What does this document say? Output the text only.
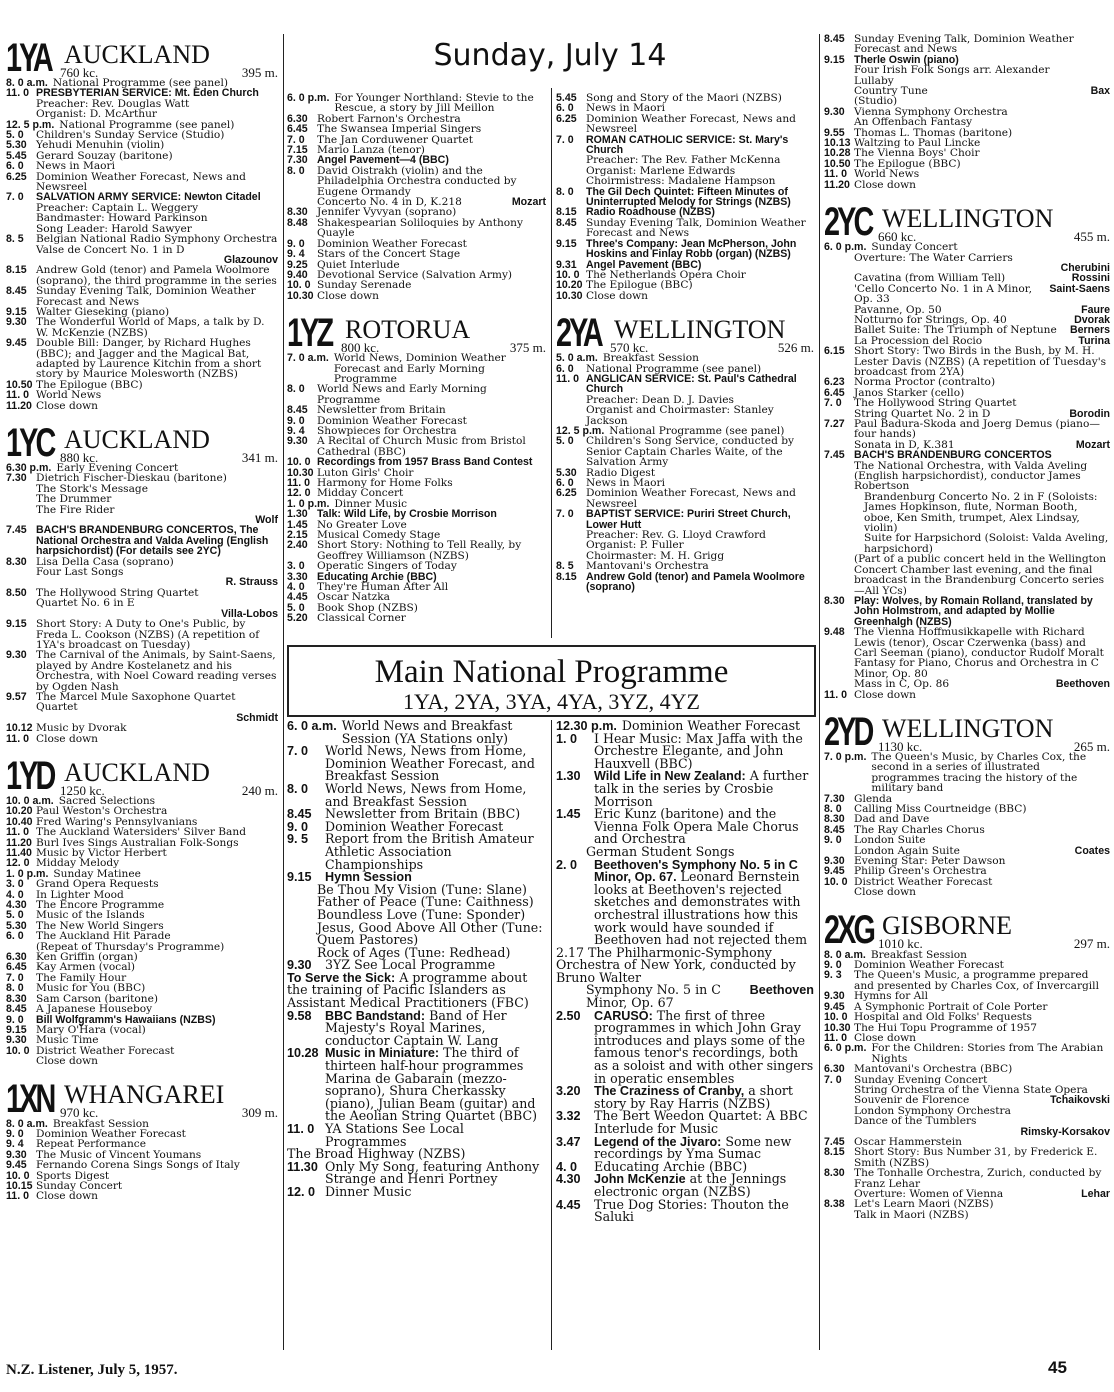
1YA AUCKLAND
760 kc.	395 m.
8. 0 a.m. National Programme (see panel)
11. 0 PRESBYTERIAN SERVICE: Mt. Eden Church
Preacher: Rev. Douglas Watt
Organist: D. McArthur
12. 5 p.m. National Programme (see panel)
5. 0	Children's Sunday Service (Studio)
5.30 Yehudi Menuhin (violin)
5.45 Gerard Souzay (baritone)
6. 0	News in Maori
6.25 Dominion Weather Forecast, News and Newsreel
7. 0	SALVATION ARMY SERVICE: Newton Citadel
Preacher: Captain L. Weggery
Bandmaster: Howard Parkinson
Song Leader: Harold Sawyer
8. 5	Belgian National Radio Symphony Orchestra
Valse de Concert No. 1 in D
Glazounov
8.15 Andrew Gold (tenor) and Pamela Woolmore (soprano), the third programme in the series
8.45 Sunday Evening Talk, Dominion Weather Forecast and News
9.15 Walter Gieseking (piano)
9.30 The Wonderful World of Maps, a talk by D. W. McKenzie (NZBS)
9.45 Double Bill: Danger, by Richard Hughes (BBC); and Jagger and the Magical Bat, adapted by Laurence Kitchin from a short story by Maurice Molesworth (NZBS)
10.50 The Epilogue (BBC)
11. 0 World News
11.20 Close down
1YC AUCKLAND
880 kc.	341 m.
6.30 p.m. Early Evening Concert
7.30 Dietrich Fischer-Dieskau (baritone)
The Stork's Message
The Drummer
The Fire Rider
Wolf
7.45 BACH'S BRANDENBURG CONCERTOS, The National Orchestra and Valda Aveling (English harpsichordist) (For details see 2YC)
8.30 Lisa Della Casa (soprano)
Four Last Songs
R. Strauss
8.50 The Hollywood String Quartet
Quartet No. 6 in E
Villa-Lobos
9.15 Short Story: A Duty to One's Public, by Freda L. Cookson (NZBS) (A repetition of 1YA's broadcast on Tuesday)
9.30 The Carnival of the Animals, by Saint-Saens, played by Andre Kostelanetz and his Orchestra, with Noel Coward reading verses by Ogden Nash
9.57 The Marcel Mule Saxophone Quartet
Quartet
Schmidt
10.12 Music by Dvorak
11. 0 Close down
1YD AUCKLAND
1250 kc.	240 m.
10. 0 a.m. Sacred Selections
10.20 Paul Weston's Orchestra
10.40 Fred Waring's Pennsylvanians
11. 0 The Auckland Watersiders' Silver Band
11.20 Burl Ives Sings Australian Folk-Songs
11.40 Music by Victor Herbert
12. 0 Midday Melody
1. 0 p.m. Sunday Matinee
3. 0	Grand Opera Requests
4. 0	In Lighter Mood
4.30 The Encore Programme
5. 0	Music of the Islands
5.30 The New World Singers
6. 0	The Auckland Hit Parade
(Repeat of Thursday's Programme)
6.30 Ken Griffin (organ)
6.45 Kay Armen (vocal)
7. 0	The Family Hour
8. 0	Music for You (BBC)
8.30 Sam Carson (baritone)
8.45 A Japanese Houseboy
9. 0	Bill Wolfgramm's Hawaiians (NZBS)
9.15 Mary O'Hara (vocal)
9.30 Music Time
10. 0 District Weather Forecast
Close down
1XN WHANGAREI
970 kc.	309 m.
8. 0 a.m. Breakfast Session
9. 0	Dominion Weather Forecast
9. 4	Repeat Performance
9.30 The Music of Vincent Youmans
9.45 Fernando Corena Sings Songs of Italy
10. 0 Sports Digest
10.15 Sunday Concert
11. 0 Close down
Sunday, July 14
6. 0 p.m. For Younger Northland: Stevie to the Rescue, a story by Jill Meillon
6.30 Robert Farnon's Orchestra
6.45 The Swansea Imperial Singers
7. 0	The Jan Corduwener Quartet
7.15 Mario Lanza (tenor)
7.30 Angel Pavement—4 (BBC)
8. 0	David Oistrakh (violin) and the Philadelphia Orchestra conducted by Eugene Ormandy
Concerto No. 4 in D, K.218	Mozart
8.30 Jennifer Vyvyan (soprano)
8.48 Shakespearian Soliloquies by Anthony Quayle
9. 0	Dominion Weather Forecast
9. 4	Stars of the Concert Stage
9.25 Quiet Interlude
9.40 Devotional Service (Salvation Army)
10. 0 Sunday Serenade
10.30 Close down
1YZ ROTORUA
800 kc.	375 m.
7. 0 a.m. World News, Dominion Weather Forecast and Early Morning Programme
8. 0	World News and Early Morning Programme
8.45 Newsletter from Britain
9. 0	Dominion Weather Forecast
9. 4	Showpieces for Orchestra
9.30 A Recital of Church Music from Bristol Cathedral (BBC)
10. 0 Recordings from 1957 Brass Band Contest
10.30 Luton Girls' Choir
11. 0 Harmony for Home Folks
12. 0 Midday Concert
1. 0 p.m. Dinner Music
1.30 Talk: Wild Life, by Crosbie Morrison
1.45 No Greater Love
2.15 Musical Comedy Stage
2.40 Short Story: Nothing to Tell Really, by Geoffrey Williamson (NZBS)
3. 0	Operatic Singers of Today
3.30 Educating Archie (BBC)
4. 0	They're Human After All
4.45 Oscar Natzka
5. 0	Book Shop (NZBS)
5.20 Classical Corner
5.45 Song and Story of the Maori (NZBS)
6. 0	News in Maori
6.25 Dominion Weather Forecast, News and Newsreel
7. 0	ROMAN CATHOLIC SERVICE: St. Mary's Church
Preacher: The Rev. Father McKenna
Organist: Marlene Edwards
Choirmistress: Madalene Hampson
8. 0	The Gil Dech Quintet: Fifteen Minutes of Uninterrupted Melody for Strings (NZBS)
8.15 Radio Roadhouse (NZBS)
8.45 Sunday Evening Talk, Dominion Weather Forecast and News
9.15 Three's Company: Jean McPherson, John Hoskins and Finlay Robb (organ) (NZBS)
9.31 Angel Pavement (BBC)
10. 0 The Netherlands Opera Choir
10.20 The Epilogue (BBC)
10.30 Close down
2YA WELLINGTON
570 kc.	526 m.
5. 0 a.m. Breakfast Session
6. 0	National Programme (see panel)
11. 0 ANGLICAN SERVICE: St. Paul's Cathedral Church
Preacher: Dean D. J. Davies
Organist and Choirmaster: Stanley Jackson
12. 5 p.m. National Programme (see panel)
5. 0	Children's Song Service, conducted by Senior Captain Charles Waite, of the Salvation Army
5.30 Radio Digest
6. 0	News in Maori
6.25 Dominion Weather Forecast, News and Newsreel
7. 0	BAPTIST SERVICE: Puriri Street Church, Lower Hutt
Preacher: Rev. G. Lloyd Crawford
Organist: P. Fuller
Choirmaster: M. H. Grigg
8. 5	Mantovani's Orchestra
8.15 Andrew Gold (tenor) and Pamela Woolmore (soprano)
Main National Programme
1YA, 2YA, 3YA, 4YA, 3YZ, 4YZ
6. 0 a.m. World News and Breakfast Session (YA Stations only)
7. 0	World News, News from Home, Dominion Weather Forecast, and Breakfast Session
8. 0	World News, News from Home, and Breakfast Session
8.45	Newsletter from Britain (BBC)
9. 0	Dominion Weather Forecast
9. 5	Report from the British Amateur Athletic Association Championships
9.15	Hymn Session
Be Thou My Vision (Tune: Slane)
Father of Peace (Tune: Caithness)
Boundless Love (Tune: Sponder)
Jesus, Good Above All Other (Tune: Quem Pastores)
Rock of Ages (Tune: Redhead)
9.30	3YZ See Local Programme
To Serve the Sick: A programme about the training of Pacific Islanders as Assistant Medical Practitioners (FBC)
9.58	BBC Bandstand: Band of Her Majesty's Royal Marines, conductor Captain W. Lang
10.28 Music in Miniature: The third of thirteen half-hour programmes Marina de Gabarain (mezzo-soprano), Shura Cherkassky (piano), Julian Beam (guitar) and the Aeolian String Quartet (BBC)
11. 0 YA Stations See Local Programmes
The Broad Highway (NZBS)
11.30 Only My Song, featuring Anthony Strange and Henri Portney
12. 0 Dinner Music
12.30 p.m. Dominion Weather Forecast
1. 0	I Hear Music: Max Jaffa with the Orchestre Elegante, and John Hauxvell (BBC)
1.30	Wild Life in New Zealand: A further talk in the series by Crosbie Morrison
1.45	Eric Kunz (baritone) and the Vienna Folk Opera Male Chorus and Orchestra
German Student Songs
2. 0	Beethoven's Symphony No. 5 in C Minor, Op. 67. Leonard Bernstein looks at Beethoven's rejected sketches and demonstrates with orchestral illustrations how this work would have sounded if Beethoven had not rejected them
2.17 The Philharmonic-Symphony Orchestra of New York, conducted by Bruno Walter
Symphony No. 5 in C Minor, Op. 67
Beethoven
2.50	CARUSO: The first of three programmes in which John Gray introduces and plays some of the famous tenor's recordings, both as a soloist and with other singers in operatic ensembles
3.20	The Craziness of Cranby, a short story by Ray Harris (NZBS)
3.32	The Bert Weedon Quartet: A BBC Interlude for Music
3.47	Legend of the Jivaro: Some new recordings by Yma Sumac
4. 0	Educating Archie (BBC)
4.30	John McKenzie at the Jennings electronic organ (NZBS)
4.45	True Dog Stories: Thouton the Saluki
8.45 Sunday Evening Talk, Dominion Weather Forecast and News
9.15 Therle Oswin (piano)
Four Irish Folk Songs arr. Alexander
Lullaby
Country Tune	Bax
(Studio)
9.30 Vienna Symphony Orchestra
An Offenbach Fantasy
9.55 Thomas L. Thomas (baritone)
10.13 Waltzing to Paul Lincke
10.28 The Vienna Boys' Choir
10.50 The Epilogue (BBC)
11. 0 World News
11.20 Close down
2YC WELLINGTON
660 kc.	455 m.
6. 0 p.m. Sunday Concert
Overture: The Water Carriers
Cherubini
Cavatina (from William Tell)	Rossini
'Cello Concerto No. 1 in A Minor, Op. 33
Saint-Saens
Pavanne, Op. 50	Faure
Notturno for Strings, Op. 40	Dvorak
Ballet Suite: The Triumph of Neptune	Berners
La Procession del Rocio	Turina
6.15 Short Story: Two Birds in the Bush, by M. H. Lester Davis (NZBS) (A repetition of Tuesday's broadcast from 2YA)
6.23 Norma Proctor (contralto)
6.45 Janos Starker (cello)
7. 0	The Hollywood String Quartet
String Quartet No. 2 in D	Borodin
7.27 Paul Badura-Skoda and Joerg Demus (piano—four hands)
Sonata in D, K.381	Mozart
7.45 BACH'S BRANDENBURG CONCERTOS
The National Orchestra, with Valda Aveling (English harpsichordist), conductor James Robertson
Brandenburg Concerto No. 2 in F (Soloists: James Hopkinson, flute, Norman Booth, oboe, Ken Smith, trumpet, Alex Lindsay, violin)
Suite for Harpsichord (Soloist: Valda Aveling, harpsichord)
(Part of a public concert held in the Wellington Concert Chamber last evening, and the final broadcast in the Brandenburg Concerto series—All YCs)
8.30 Play: Wolves, by Romain Rolland, translated by John Holmstrom, and adapted by Mollie Greenhalgh (NZBS)
9.48 The Vienna Hoffmusikkapelle with Richard Lewis (tenor), Oscar Czerwenka (bass) and Carl Seeman (piano), conductor Rudolf Moralt
Fantasy for Piano, Chorus and Orchestra in C Minor, Op. 80
Mass in C, Op. 86	Beethoven
11. 0 Close down
2YD WELLINGTON
1130 kc.	265 m.
7. 0 p.m. The Queen's Music, by Charles Cox, the second in a series of illustrated programmes tracing the history of the military band
7.30 Glenda
8. 0	Calling Miss Courtneidge (BBC)
8.30 Dad and Dave
8.45 The Ray Charles Chorus
9. 0	London Suite
London Again Suite	Coates
9.30 Evening Star: Peter Dawson
9.45 Philip Green's Orchestra
10. 0 District Weather Forecast
Close down
2XG GISBORNE
1010 kc.	297 m.
8. 0 a.m. Breakfast Session
9. 0	Dominion Weather Forecast
9. 3	The Queen's Music, a programme prepared and presented by Charles Cox, of Invercargill
9.30 Hymns for All
9.45 A Symphonic Portrait of Cole Porter
10. 0 Hospital and Old Folks' Requests
10.30 The Hui Topu Programme of 1957
11. 0 Close down
6. 0 p.m. For the Children: Stories from The Arabian Nights
6.30 Mantovani's Orchestra (BBC)
7. 0	Sunday Evening Concert
String Orchestra of the Vienna State Opera
Souvenir de Florence	Tchaikovski
London Symphony Orchestra
Dance of the Tumblers
Rimsky-Korsakov
7.45 Oscar Hammerstein
8.15 Short Story: Bus Number 31, by Frederick E. Smith (NZBS)
8.30 The Tonhalle Orchestra, Zurich, conducted by Franz Lehar
Overture: Women of Vienna	Lehar
8.38 Let's Learn Maori (NZBS)
Talk in Maori (NZBS)
N.Z. Listener, July 5, 1957.	45
